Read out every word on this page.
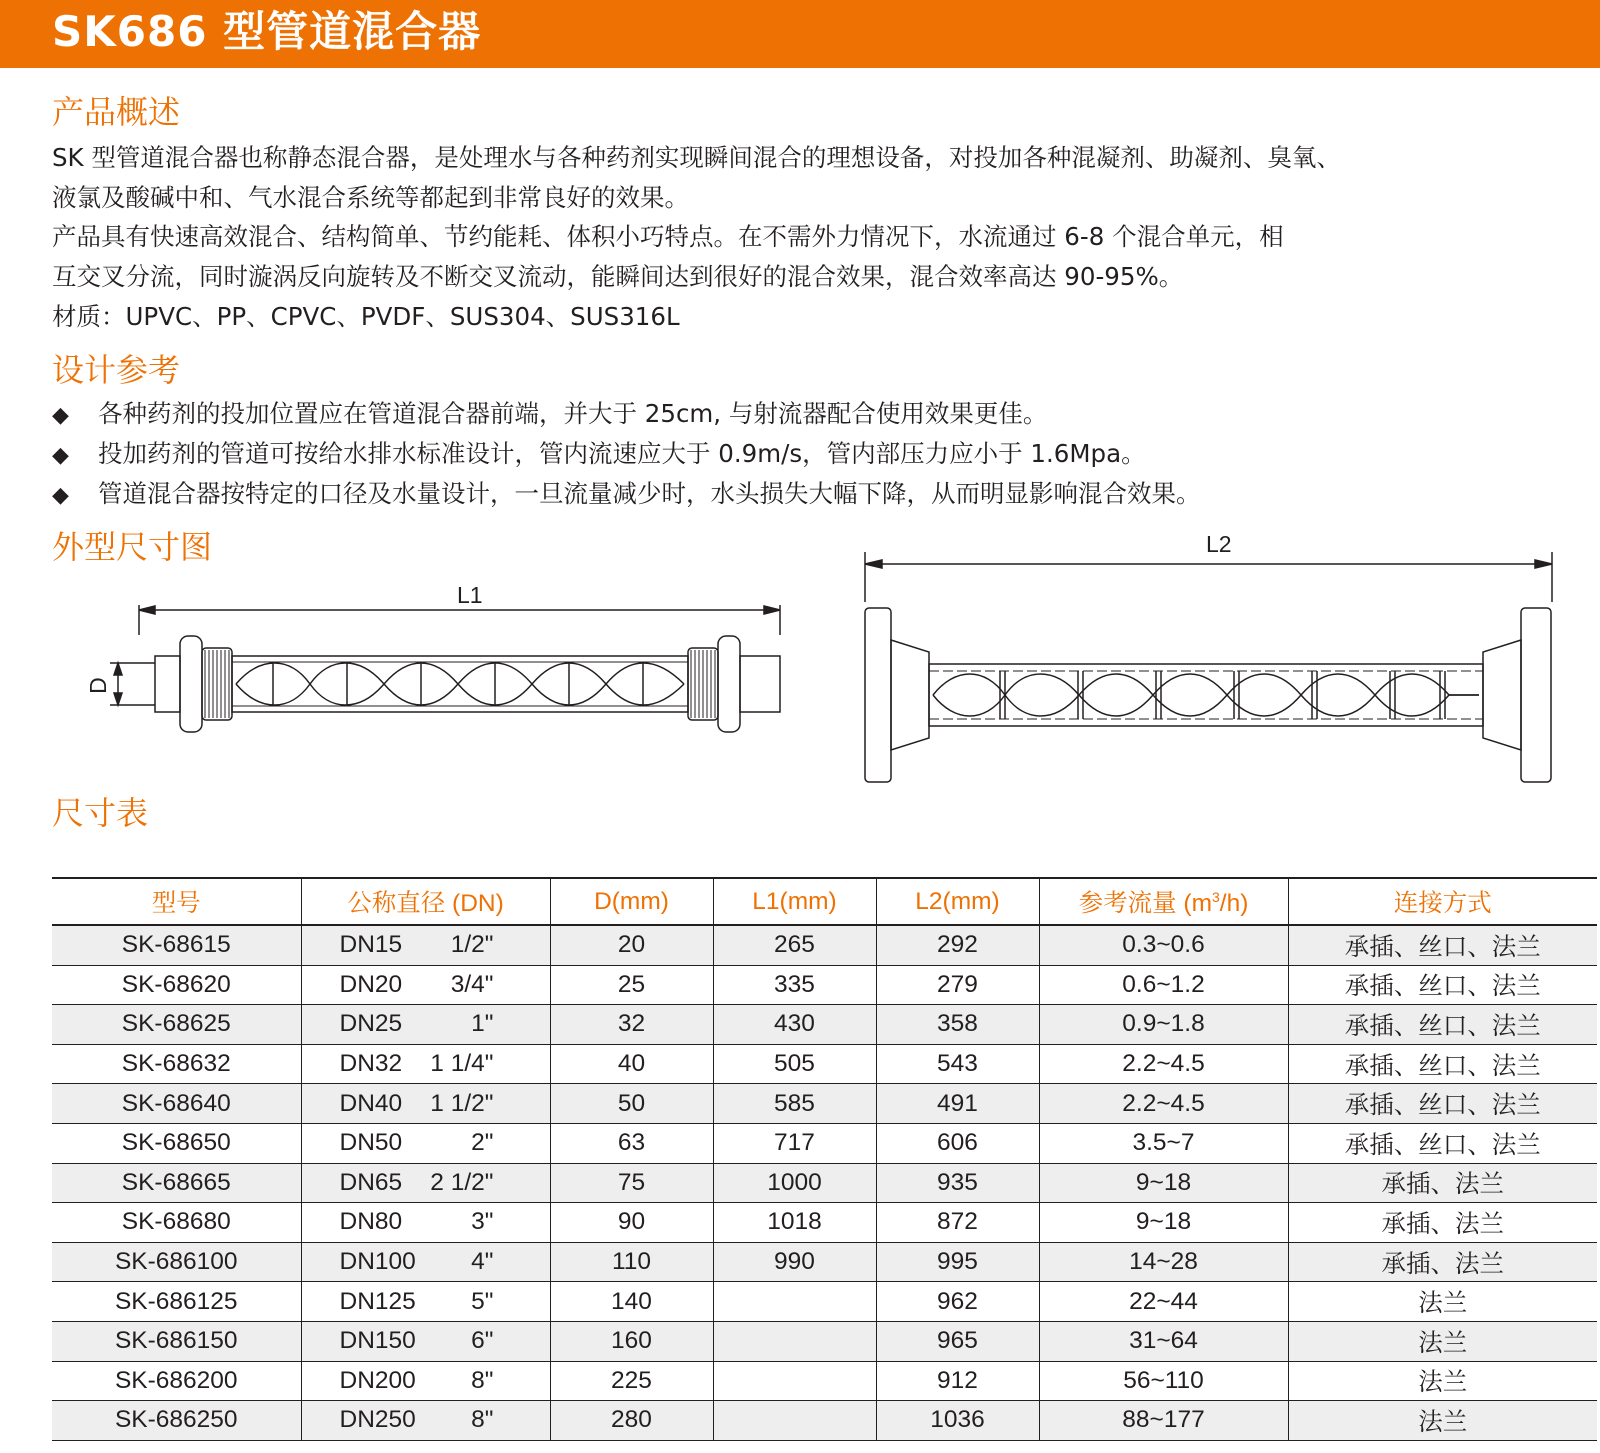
SK686 型管道混合器
产品概述
SK 型管道混合器也称静态混合器，是处理水与各种药剂实现瞬间混合的理想设备，对投加各种混凝剂、助凝剂、臭氧、
液氯及酸碱中和、气水混合系统等都起到非常良好的效果。
产品具有快速高效混合、结构简单、节约能耗、体积小巧特点。在不需外力情况下，水流通过 6-8 个混合单元，相
互交叉分流，同时漩涡反向旋转及不断交叉流动，能瞬间达到很好的混合效果，混合效率高达 90-95%。
材质：UPVC、PP、CPVC、PVDF、SUS304、SUS316L
设计参考
◆ 各种药剂的投加位置应在管道混合器前端，并大于 25cm, 与射流器配合使用效果更佳。
◆ 投加药剂的管道可按给水排水标准设计，管内流速应大于 0.9m/s，管内部压力应小于 1.6Mpa。
◆ 管道混合器按特定的口径及水量设计，一旦流量减少时，水头损失大幅下降，从而明显影响混合效果。
外型尺寸图
L1
D
L2
尺寸表
型号	公称直径 (DN)	D(mm)	L1(mm)	L2(mm)	参考流量 $(m^3/h)$	连接方式
SK-68615	DN15 1/2"	20	265	292	0.3~0.6	承插、丝口、法兰
SK-68620	DN20 3/4"	25	335	279	0.6~1.2	承插、丝口、法兰
SK-68625	DN25 1"	32	430	358	0.9~1.8	承插、丝口、法兰
SK-68632	DN32 1 1/4"	40	505	543	2.2~4.5	承插、丝口、法兰
SK-68640	DN40 1 1/2"	50	585	491	2.2~4.5	承插、丝口、法兰
SK-68650	DN50 2"	63	717	606	3.5~7	承插、丝口、法兰
SK-68665	DN65 2 1/2"	75	1000	935	9~18	承插、法兰
SK-68680	DN80 3"	90	1018	872	9~18	承插、法兰
SK-686100	DN100 4"	110	990	995	14~28	承插、法兰
SK-686125	DN125 5"	140		962	22~44	法兰
SK-686150	DN150 6"	160		965	31~64	法兰
SK-686200	DN200 8"	225		912	56~110	法兰
SK-686250	DN250 8"	280		1036	88~177	法兰
